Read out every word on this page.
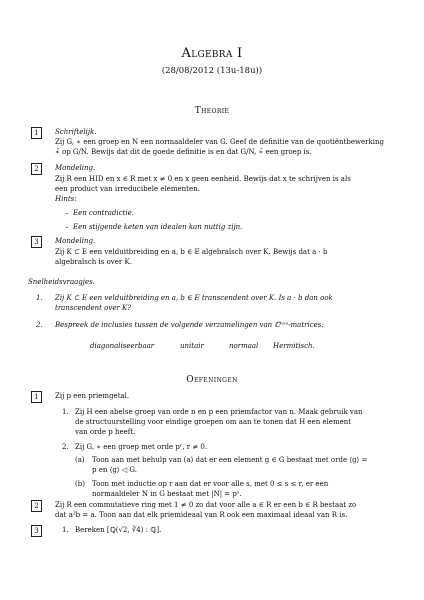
Algebra I
(28/08/2012 (13u-18u))
Theorie
1	Schriftelijk.
Zij G, ∗ een groep en N een normaaldeler van G. Geef de definitie van de quotiëntbewerking
∗̄ op G/N. Bewijs dat dit de goede definitie is en dat G/N, ∗̄ een groep is.
2	Mondeling.
Zij R een HID en x ∈ R met x ≠ 0 en x geen eenheid. Bewijs dat x te schrijven is als
een product van irreducibele elementen.
Hints:
–  Een contradictie.
–  Een stijgende keten van idealen kan nuttig zijn.
3	Mondeling.
Zij K ⊂ E een velduitbreiding en a, b ∈ E algebraïsch over K. Bewijs dat a · b
algebraïsch is over K.
Snelheidsvraagjes.
1. Zij K ⊂ E een velduitbreiding en a, b ∈ E transcendent over K. Is a · b dan ook
transcendent over K?
2. Bespreek de inclusies tussen de volgende verzamelingen van ℂⁿˣⁿ-matrices:
diagonaliseerbaar	unitair	normaal Hermitisch.
Oefeningen
1	Zij p een priemgetal.
1. Zij H een abelse groep van orde n en p een priemfactor van n. Maak gebruik van
de structuurstelling voor eindige groepen om aan te tonen dat H een element
van orde p heeft.
2. Zij G, ∗ een groep met orde pʳ, r ≠ 0.
(a) Toon aan met behulp van (a) dat er een element g ∈ G bestaat met orde ⟨g⟩ =
p en ⟨g⟩ ◁ G.
(b) Toon met inductie op r aan dat er voor alle s, met 0 ≤ s ≤ r, er een
normaaldeler N in G bestaat met |N| = pˢ.
2	Zij R een commutatieve ring met 1 ≠ 0 zo dat voor alle a ∈ R er een b ∈ R bestaat zo
dat a²b = a. Toon aan dat elk priemideaal van R ook een maximaal ideaal van R is.
3	1. Bereken [ℚ(√2, ∛4) : ℚ].
